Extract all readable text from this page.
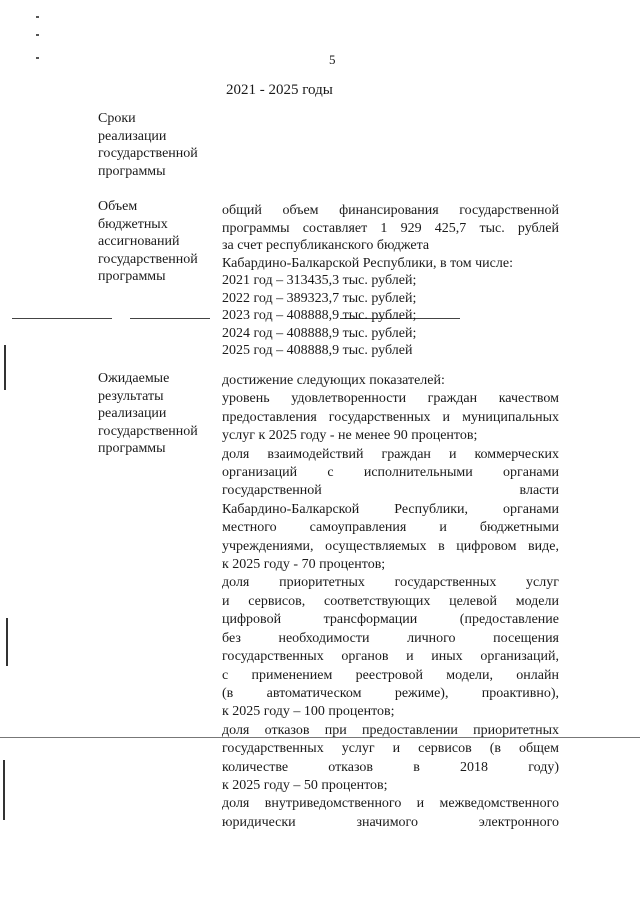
5
2021 - 2025 годы
Сроки
реализации
государственной
программы
Объем
бюджетных
ассигнований
государственной
программы
общий объем финансирования государственной
программы составляет 1 929 425,7 тыс. рублей
за счет республиканского бюджета
Кабардино-Балкарской Республики, в том числе:
2021 год – 313435,3 тыс. рублей;
2022 год – 389323,7 тыс. рублей;
2023 год – 408888,9 тыс. рублей;
2024 год – 408888,9 тыс. рублей;
2025 год – 408888,9 тыс. рублей
Ожидаемые
результаты
реализации
государственной
программы
достижение следующих показателей:
уровень удовлетворенности граждан качеством
предоставления государственных и муниципальных
услуг к 2025 году - не менее 90 процентов;
доля взаимодействий граждан и коммерческих
организаций с исполнительными органами
государственной власти
Кабардино-Балкарской Республики, органами
местного самоуправления и бюджетными
учреждениями, осуществляемых в цифровом виде,
к 2025 году - 70 процентов;
доля приоритетных государственных услуг
и сервисов, соответствующих целевой модели
цифровой трансформации (предоставление
без необходимости личного посещения
государственных органов и иных организаций,
с применением реестровой модели, онлайн
(в автоматическом режиме), проактивно),
к 2025 году – 100 процентов;
доля отказов при предоставлении приоритетных
государственных услуг и сервисов (в общем
количестве отказов в 2018 году)
к 2025 году – 50 процентов;
доля внутриведомственного и межведомственного
юридически значимого электронного
